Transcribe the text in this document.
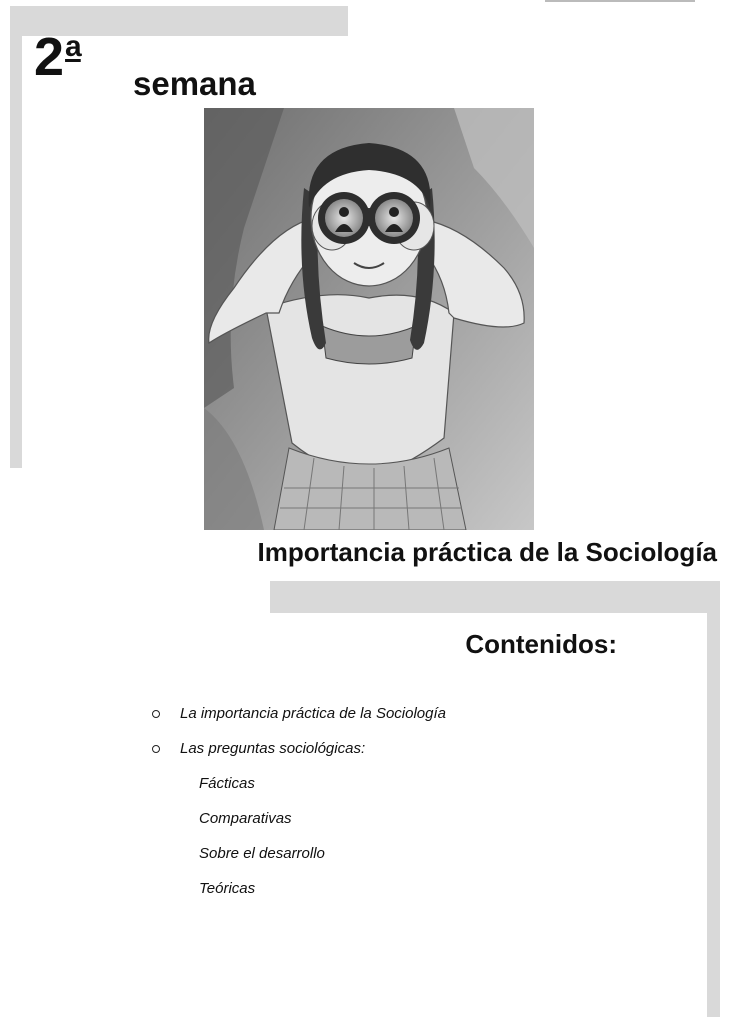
2$^a$
semana
Importancia práctica de la Sociología
Contenidos:
La importancia práctica de la Sociología
Las preguntas sociológicas:
Fácticas
Comparativas
Sobre el desarrollo
Teóricas
